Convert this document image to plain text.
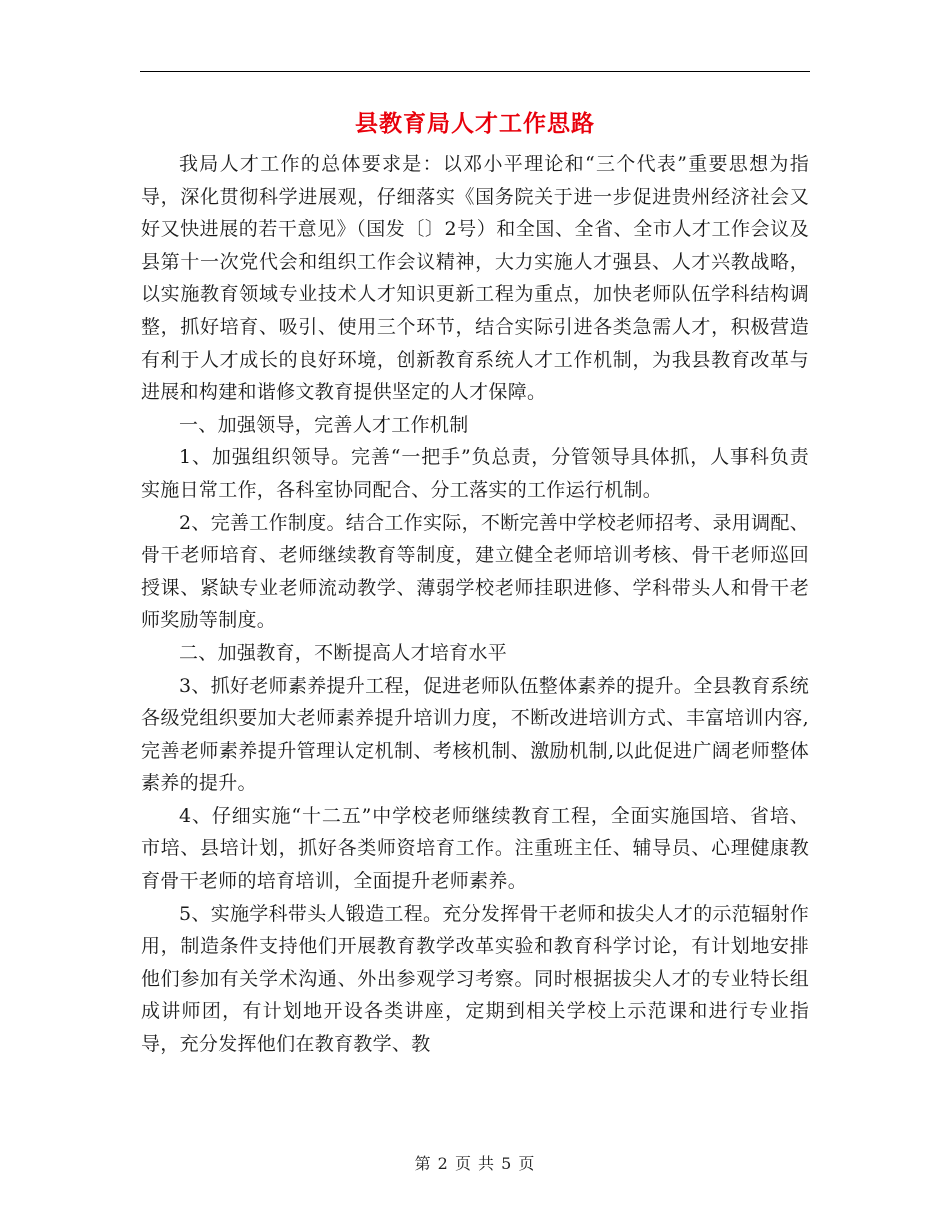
县教育局人才工作思路

我局人才工作的总体要求是：以邓小平理论和“三个代表”重要思想为指导，深化贯彻科学进展观，仔细落实《国务院关于进一步促进贵州经济社会又好又快进展的若干意见》（国发〔〕2号）和全国、全省、全市人才工作会议及县第十一次党代会和组织工作会议精神，大力实施人才强县、人才兴教战略，以实施教育领域专业技术人才知识更新工程为重点，加快老师队伍学科结构调整，抓好培育、吸引、使用三个环节，结合实际引进各类急需人才，积极营造有利于人才成长的良好环境，创新教育系统人才工作机制，为我县教育改革与进展和构建和谐修文教育提供坚定的人才保障。

一、加强领导，完善人才工作机制

1、加强组织领导。完善“一把手”负总责，分管领导具体抓，人事科负责实施日常工作，各科室协同配合、分工落实的工作运行机制。

2、完善工作制度。结合工作实际，不断完善中学校老师招考、录用调配、骨干老师培育、老师继续教育等制度，建立健全老师培训考核、骨干老师巡回授课、紧缺专业老师流动教学、薄弱学校老师挂职进修、学科带头人和骨干老师奖励等制度。

二、加强教育，不断提高人才培育水平

3、抓好老师素养提升工程，促进老师队伍整体素养的提升。全县教育系统各级党组织要加大老师素养提升培训力度，不断改进培训方式、丰富培训内容,完善老师素养提升管理认定机制、考核机制、激励机制,以此促进广阔老师整体素养的提升。

4、仔细实施“十二五”中学校老师继续教育工程，全面实施国培、省培、市培、县培计划，抓好各类师资培育工作。注重班主任、辅导员、心理健康教育骨干老师的培育培训，全面提升老师素养。

5、实施学科带头人锻造工程。充分发挥骨干老师和拔尖人才的示范辐射作用，制造条件支持他们开展教育教学改革实验和教育科学讨论，有计划地安排他们参加有关学术沟通、外出参观学习考察。同时根据拔尖人才的专业特长组成讲师团，有计划地开设各类讲座，定期到相关学校上示范课和进行专业指导，充分发挥他们在教育教学、教

第 2 页 共 5 页
